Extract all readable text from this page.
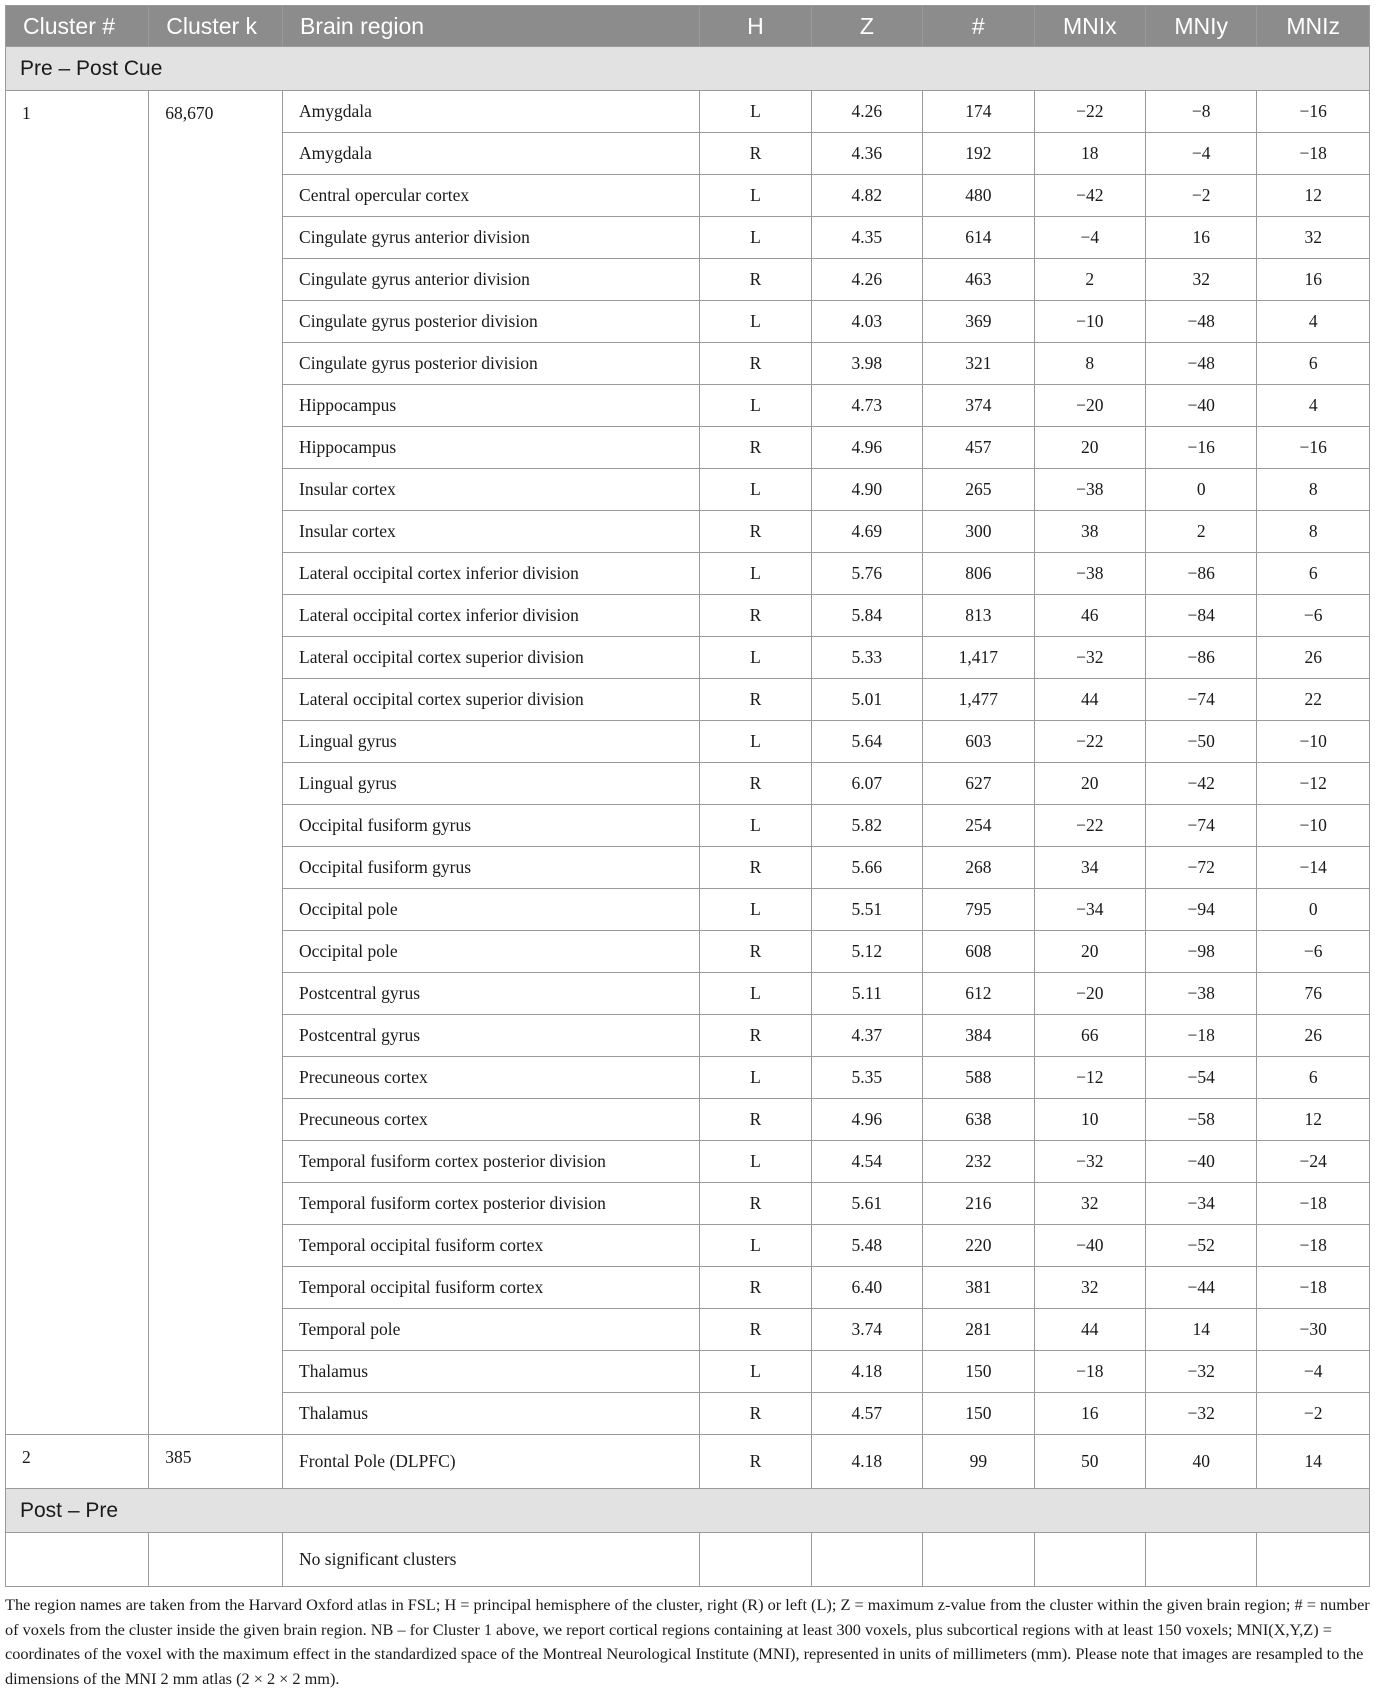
Cluster #	Cluster k	Brain region	H	Z	#	MNIx	MNIy	MNIz
Pre – Post Cue								
1	68,670	Amygdala	L	4.26	174	−22	−8	−16
		Amygdala	R	4.36	192	18	−4	−18
		Central opercular cortex	L	4.82	480	−42	−2	12
		Cingulate gyrus anterior division	L	4.35	614	−4	16	32
		Cingulate gyrus anterior division	R	4.26	463	2	32	16
		Cingulate gyrus posterior division	L	4.03	369	−10	−48	4
		Cingulate gyrus posterior division	R	3.98	321	8	−48	6
		Hippocampus	L	4.73	374	−20	−40	4
		Hippocampus	R	4.96	457	20	−16	−16
		Insular cortex	L	4.90	265	−38	0	8
		Insular cortex	R	4.69	300	38	2	8
		Lateral occipital cortex inferior division	L	5.76	806	−38	−86	6
		Lateral occipital cortex inferior division	R	5.84	813	46	−84	−6
		Lateral occipital cortex superior division	L	5.33	1,417	−32	−86	26
		Lateral occipital cortex superior division	R	5.01	1,477	44	−74	22
		Lingual gyrus	L	5.64	603	−22	−50	−10
		Lingual gyrus	R	6.07	627	20	−42	−12
		Occipital fusiform gyrus	L	5.82	254	−22	−74	−10
		Occipital fusiform gyrus	R	5.66	268	34	−72	−14
		Occipital pole	L	5.51	795	−34	−94	0
		Occipital pole	R	5.12	608	20	−98	−6
		Postcentral gyrus	L	5.11	612	−20	−38	76
		Postcentral gyrus	R	4.37	384	66	−18	26
		Precuneous cortex	L	5.35	588	−12	−54	6
		Precuneous cortex	R	4.96	638	10	−58	12
		Temporal fusiform cortex posterior division	L	4.54	232	−32	−40	−24
		Temporal fusiform cortex posterior division	R	5.61	216	32	−34	−18
		Temporal occipital fusiform cortex	L	5.48	220	−40	−52	−18
		Temporal occipital fusiform cortex	R	6.40	381	32	−44	−18
		Temporal pole	R	3.74	281	44	14	−30
		Thalamus	L	4.18	150	−18	−32	−4
		Thalamus	R	4.57	150	16	−32	−2
2	385	Frontal Pole (DLPFC)	R	4.18	99	50	40	14
Post – Pre								
		No significant clusters						
The region names are taken from the Harvard Oxford atlas in FSL; H = principal hemisphere of the cluster, right (R) or left (L); Z = maximum z-value from the cluster within the given brain region; # = number of voxels from the cluster inside the given brain region. NB – for Cluster 1 above, we report cortical regions containing at least 300 voxels, plus subcortical regions with at least 150 voxels; MNI(X,Y,Z) = coordinates of the voxel with the maximum effect in the standardized space of the Montreal Neurological Institute (MNI), represented in units of millimeters (mm). Please note that images are resampled to the dimensions of the MNI 2 mm atlas (2 × 2 × 2 mm).
